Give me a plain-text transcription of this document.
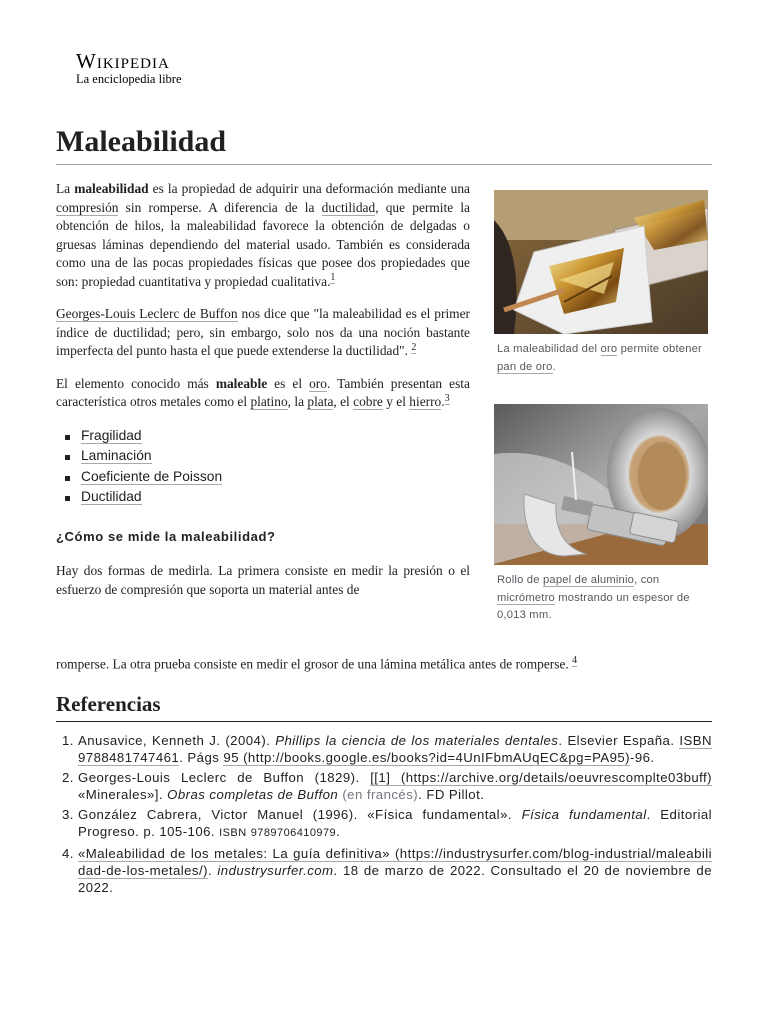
Wikipedia
La enciclopedia libre
Maleabilidad

La maleabilidad es la propiedad de adquirir una deformación mediante una compresión sin romperse. A diferencia de la ductilidad, que permite la obtención de hilos, la maleabilidad favorece la obtención de delgadas o gruesas láminas dependiendo del material usado. También es considerada como una de las pocas propiedades físicas que posee dos propiedades que son: propiedad cuantitativa y propiedad cualitativa.$^1$

Georges-Louis Leclerc de Buffon nos dice que "la maleabilidad es el primer índice de ductilidad; pero, sin embargo, solo nos da una noción bastante imperfecta del punto hasta el que puede extenderse la ductilidad". $^2$

El elemento conocido más maleable es el oro. También presentan esta característica otros metales como el platino, la plata, el cobre y el hierro.$^3$

Fragilidad
Laminación
Coeficiente de Poisson
Ductilidad
¿Cómo se mide la maleabilidad?

Hay dos formas de medirla. La primera consiste en medir la presión o el esfuerzo de compresión que soporta un material antes de

romperse. La otra prueba consiste en medir el grosor de una lámina metálica antes de romperse. $^4$
La maleabilidad del oro permite obtener pan de oro.
Rollo de papel de aluminio, con micrómetro mostrando un espesor de 0,013 mm.
Referencias
1. Anusavice, Kenneth J. (2004). Phillips la ciencia de los materiales dentales. Elsevier España. ISBN 9788481747461. Págs 95 (http://books.google.es/books?id=4UnIFbmAUqEC&pg=PA95)-96.
2. Georges-Louis Leclerc de Buffon (1829). [[1] (https://archive.org/details/oeuvrescomplte03buff) «Minerales»]. Obras completas de Buffon (en francés). FD Pillot.
3. González Cabrera, Victor Manuel (1996). «Física fundamental». Física fundamental. Editorial Progreso. p. 105-106. ISBN 9789706410979.
4. «Maleabilidad de los metales: La guía definitiva» (https://industrysurfer.com/blog-industrial/maleabilidad-de-los-metales/). industrysurfer.com. 18 de marzo de 2022. Consultado el 20 de noviembre de 2022.
